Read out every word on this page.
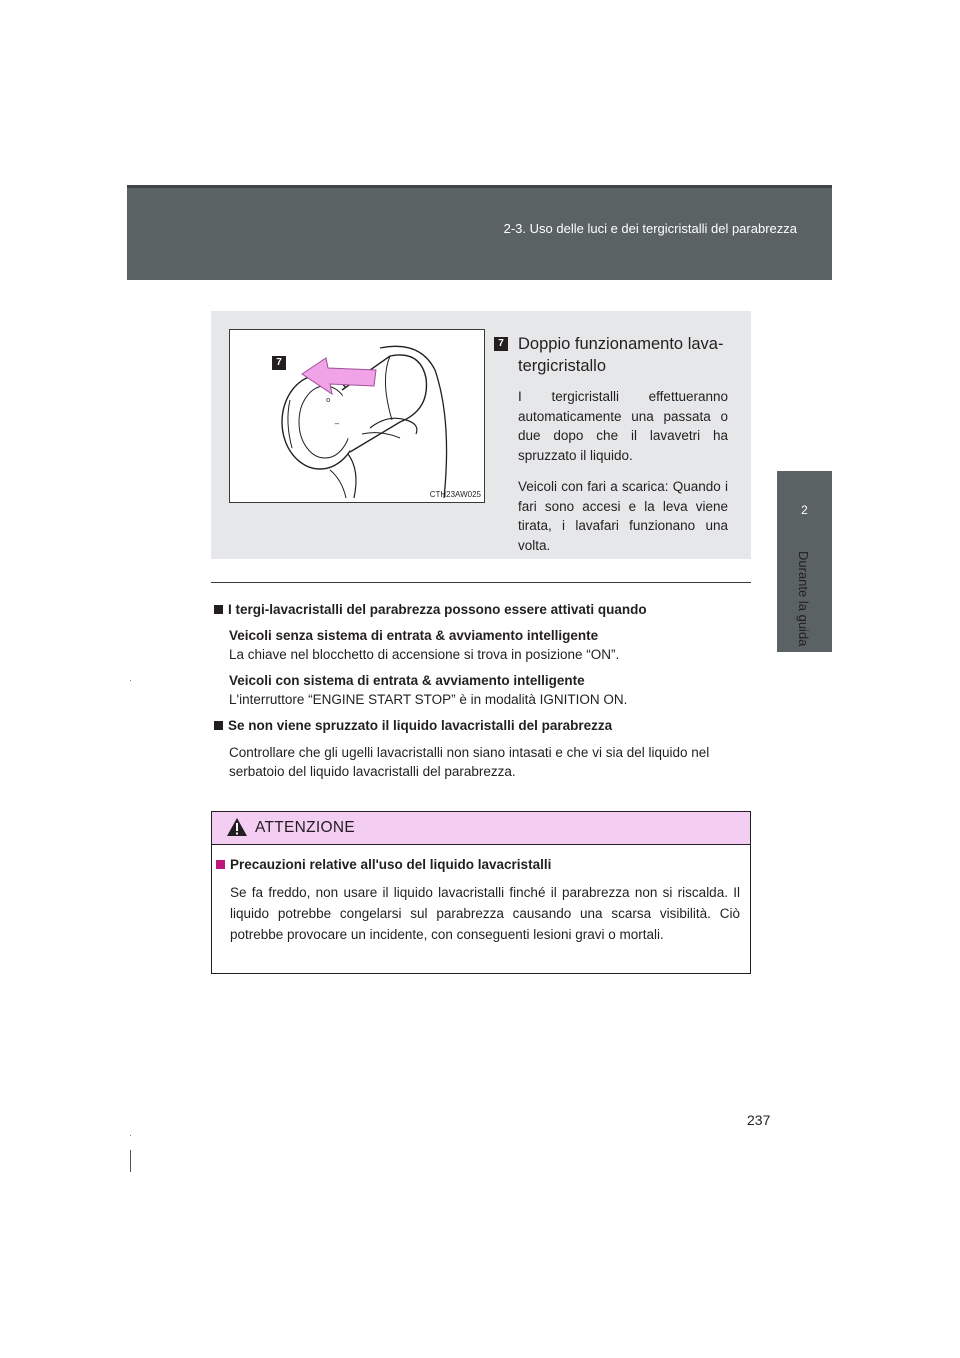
2-3. Uso delle luci e dei tergicristalli del parabrezza
2
Durante la guida
o
−
7
CTH23AW025
7 Doppio funzionamento lava-tergicristallo
I tergicristalli effettueranno automaticamente una passata o due dopo che il lavavetri ha spruzzato il liquido.
Veicoli con fari a scarica: Quando i fari sono accesi e la leva viene tirata, i lavafari funzionano una volta.
I tergi-lavacristalli del parabrezza possono essere attivati quando
Veicoli senza sistema di entrata & avviamento intelligente
La chiave nel blocchetto di accensione si trova in posizione “ON”.
Veicoli con sistema di entrata & avviamento intelligente
L'interruttore “ENGINE START STOP” è in modalità IGNITION ON.
Se non viene spruzzato il liquido lavacristalli del parabrezza
Controllare che gli ugelli lavacristalli non siano intasati e che vi sia del liquido nel serbatoio del liquido lavacristalli del parabrezza.
ATTENZIONE
Precauzioni relative all'uso del liquido lavacristalli
Se fa freddo, non usare il liquido lavacristalli finché il parabrezza non si riscalda. Il liquido potrebbe congelarsi sul parabrezza causando una scarsa visibilità. Ciò potrebbe provocare un incidente, con conseguenti lesioni gravi o mortali.
237
